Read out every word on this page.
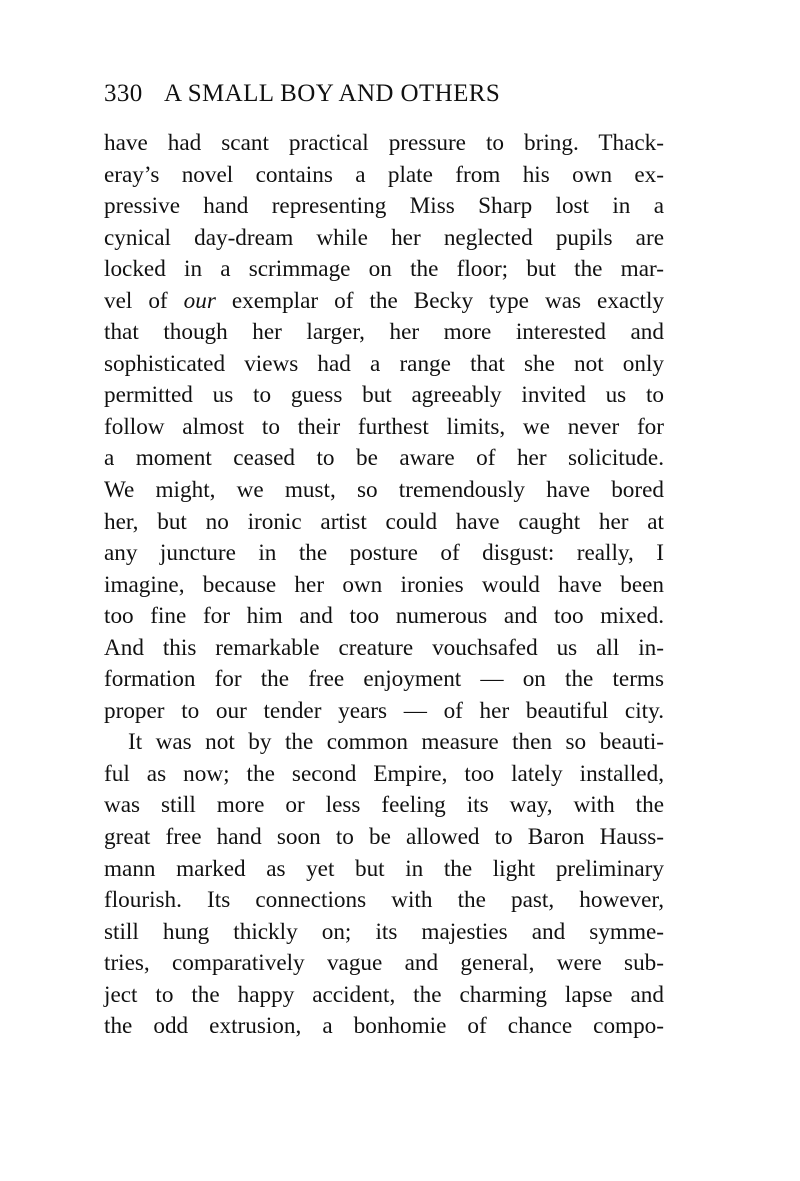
330 A SMALL BOY AND OTHERS
have had scant practical pressure to bring. Thack-
eray’s novel contains a plate from his own ex-
pressive hand representing Miss Sharp lost in a
cynical day-dream while her neglected pupils are
locked in a scrimmage on the floor; but the mar-
vel of our exemplar of the Becky type was exactly
that though her larger, her more interested and
sophisticated views had a range that she not only
permitted us to guess but agreeably invited us to
follow almost to their furthest limits, we never for
a moment ceased to be aware of her solicitude.
We might, we must, so tremendously have bored
her, but no ironic artist could have caught her at
any juncture in the posture of disgust: really, I
imagine, because her own ironies would have been
too fine for him and too numerous and too mixed.
And this remarkable creature vouchsafed us all in-
formation for the free enjoyment — on the terms
proper to our tender years — of her beautiful city.
It was not by the common measure then so beauti-
ful as now; the second Empire, too lately installed,
was still more or less feeling its way, with the
great free hand soon to be allowed to Baron Hauss-
mann marked as yet but in the light preliminary
flourish. Its connections with the past, however,
still hung thickly on; its majesties and symme-
tries, comparatively vague and general, were sub-
ject to the happy accident, the charming lapse and
the odd extrusion, a bonhomie of chance compo-
